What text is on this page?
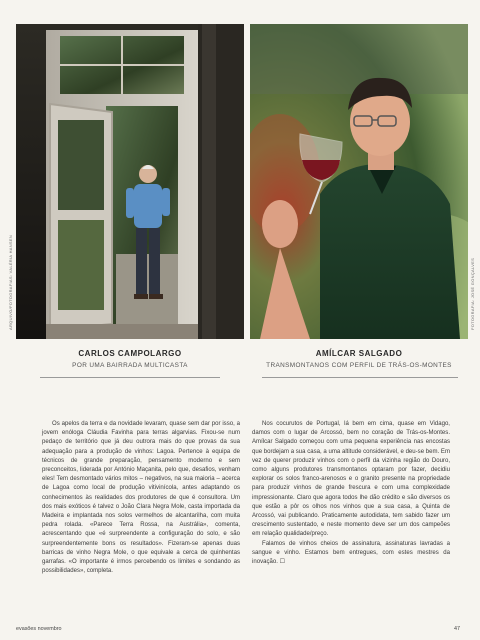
ARQUIVO/FOTOGRAFIAS: VALÉRIA HANSEN	FOTOGRAFIA: JOSÉ GONÇALVES
CARLOS CAMPOLARGO
POR UMA BAIRRADA MULTICASTA
AMÍLCAR SALGADO
TRANSMONTANOS COM PERFIL DE TRÁS-OS-MONTES

Os apelos da terra e da novidade levaram, quase sem dar por isso, a jovem enóloga Cláudia Favinha para terras algarvias. Fixou-se num pedaço de território que já deu outrora mais do que provas da sua adequação para a produção de vinhos: Lagoa. Pertence à equipa de técnicos de grande preparação, pensamento moderno e sem preconceitos, liderada por António Maçanita, pelo que, desafios, venham eles! Tem desmontado vários mitos – negativos, na sua maioria – acerca de Lagoa como local de produção vitivinícola, antes adaptando os conhecimentos às realidades dos produtores de que é consultora. Um dos mais exóticos é talvez o João Clara Negra Mole, casta importada da Madeira e implantada nos solos vermelhos de alcantarilha, com muita pedra rolada. «Parece Terra Rossa, na Austrália», comenta, acrescentando que «é surpreendente a configuração do solo, e são surpreendentemente bons os resultados». Fizeram-se apenas duas barricas de vinho Negra Mole, o que equivale a cerca de quinhentas garrafas. «O importante é irmos percebendo os limites e sondando as possibilidades», completa.

Nos cocurutos de Portugal, lá bem em cima, quase em Vidago, damos com o lugar de Arcossó, bem no coração de Trás-os-Montes. Amílcar Salgado começou com uma pequena experiência nas encostas que bordejam a sua casa, a uma altitude considerável, e deu-se bem. Em vez de querer produzir vinhos com o perfil da vizinha região do Douro, como alguns produtores transmontanos optaram por fazer, decidiu explorar os solos franco-arenosos e o granito presente na propriedade para produzir vinhos de grande frescura e com uma complexidade impressionante. Claro que agora todos lhe dão crédito e são diversos os que estão a pôr os olhos nos vinhos que a sua casa, a Quinta de Arcossó, vai publicando. Praticamente autodidata, tem sabido fazer um crescimento sustentado, e neste momento deve ser um dos campeões em relação qualidade/preço.

Falamos de vinhos cheios de assinatura, assinaturas lavradas a sangue e vinho. Estamos bem entregues, com estes mestres da inovação. ☐

evasões novembro	47
